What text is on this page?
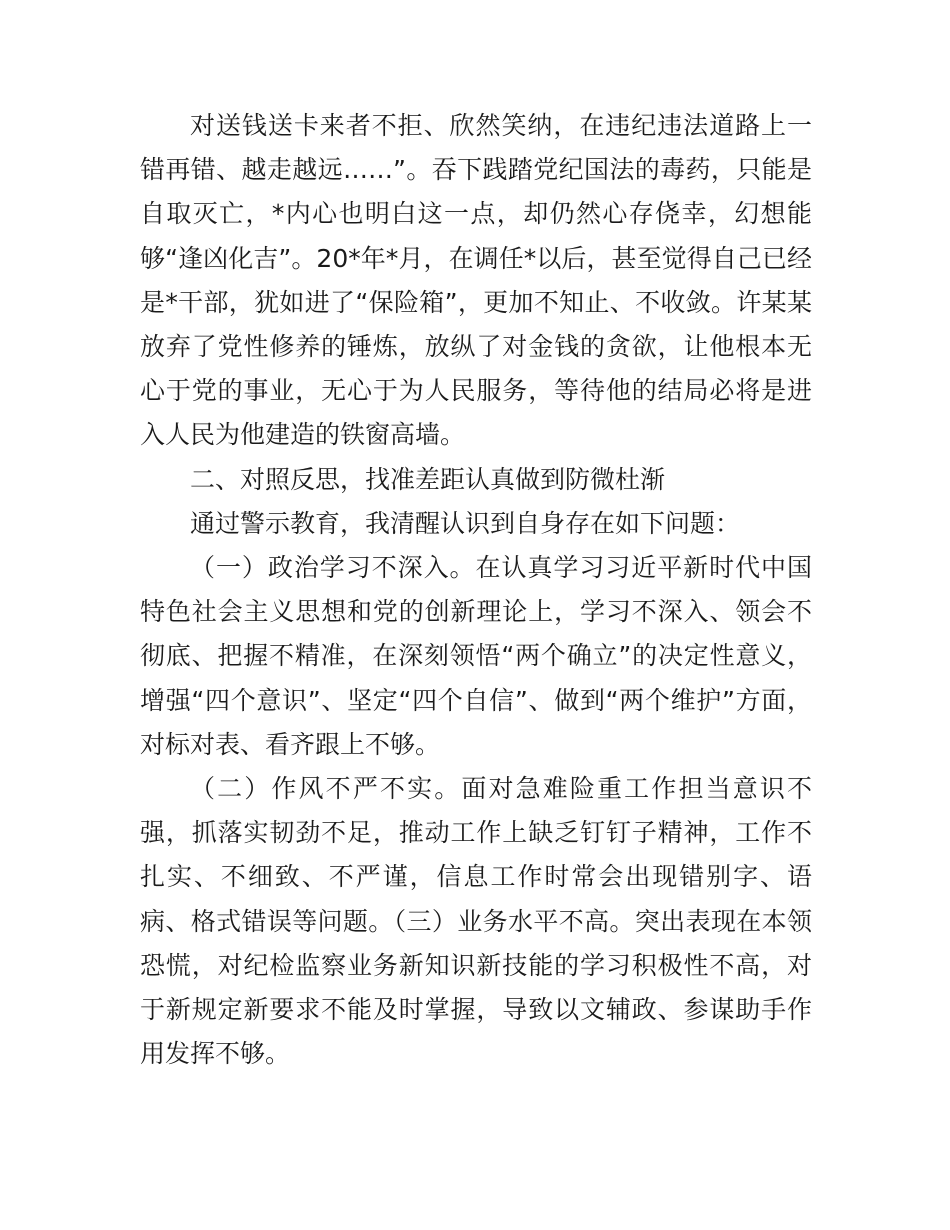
对送钱送卡来者不拒、欣然笑纳，在违纪违法道路上一错再错、越走越远……”。吞下践踏党纪国法的毒药，只能是自取灭亡，*内心也明白这一点，却仍然心存侥幸，幻想能够“逢凶化吉”。20*年*月，在调任*以后，甚至觉得自己已经是*干部，犹如进了“保险箱”，更加不知止、不收敛。许某某放弃了党性修养的锤炼，放纵了对金钱的贪欲，让他根本无心于党的事业，无心于为人民服务，等待他的结局必将是进入人民为他建造的铁窗高墙。

二、对照反思，找准差距认真做到防微杜渐

通过警示教育，我清醒认识到自身存在如下问题：

（一）政治学习不深入。在认真学习习近平新时代中国特色社会主义思想和党的创新理论上，学习不深入、领会不彻底、把握不精准，在深刻领悟“两个确立”的决定性意义，增强“四个意识”、坚定“四个自信”、做到“两个维护”方面，对标对表、看齐跟上不够。

（二）作风不严不实。面对急难险重工作担当意识不强，抓落实韧劲不足，推动工作上缺乏钉钉子精神，工作不扎实、不细致、不严谨，信息工作时常会出现错别字、语病、格式错误等问题。（三）业务水平不高。突出表现在本领恐慌，对纪检监察业务新知识新技能的学习积极性不高，对于新规定新要求不能及时掌握，导致以文辅政、参谋助手作用发挥不够。
